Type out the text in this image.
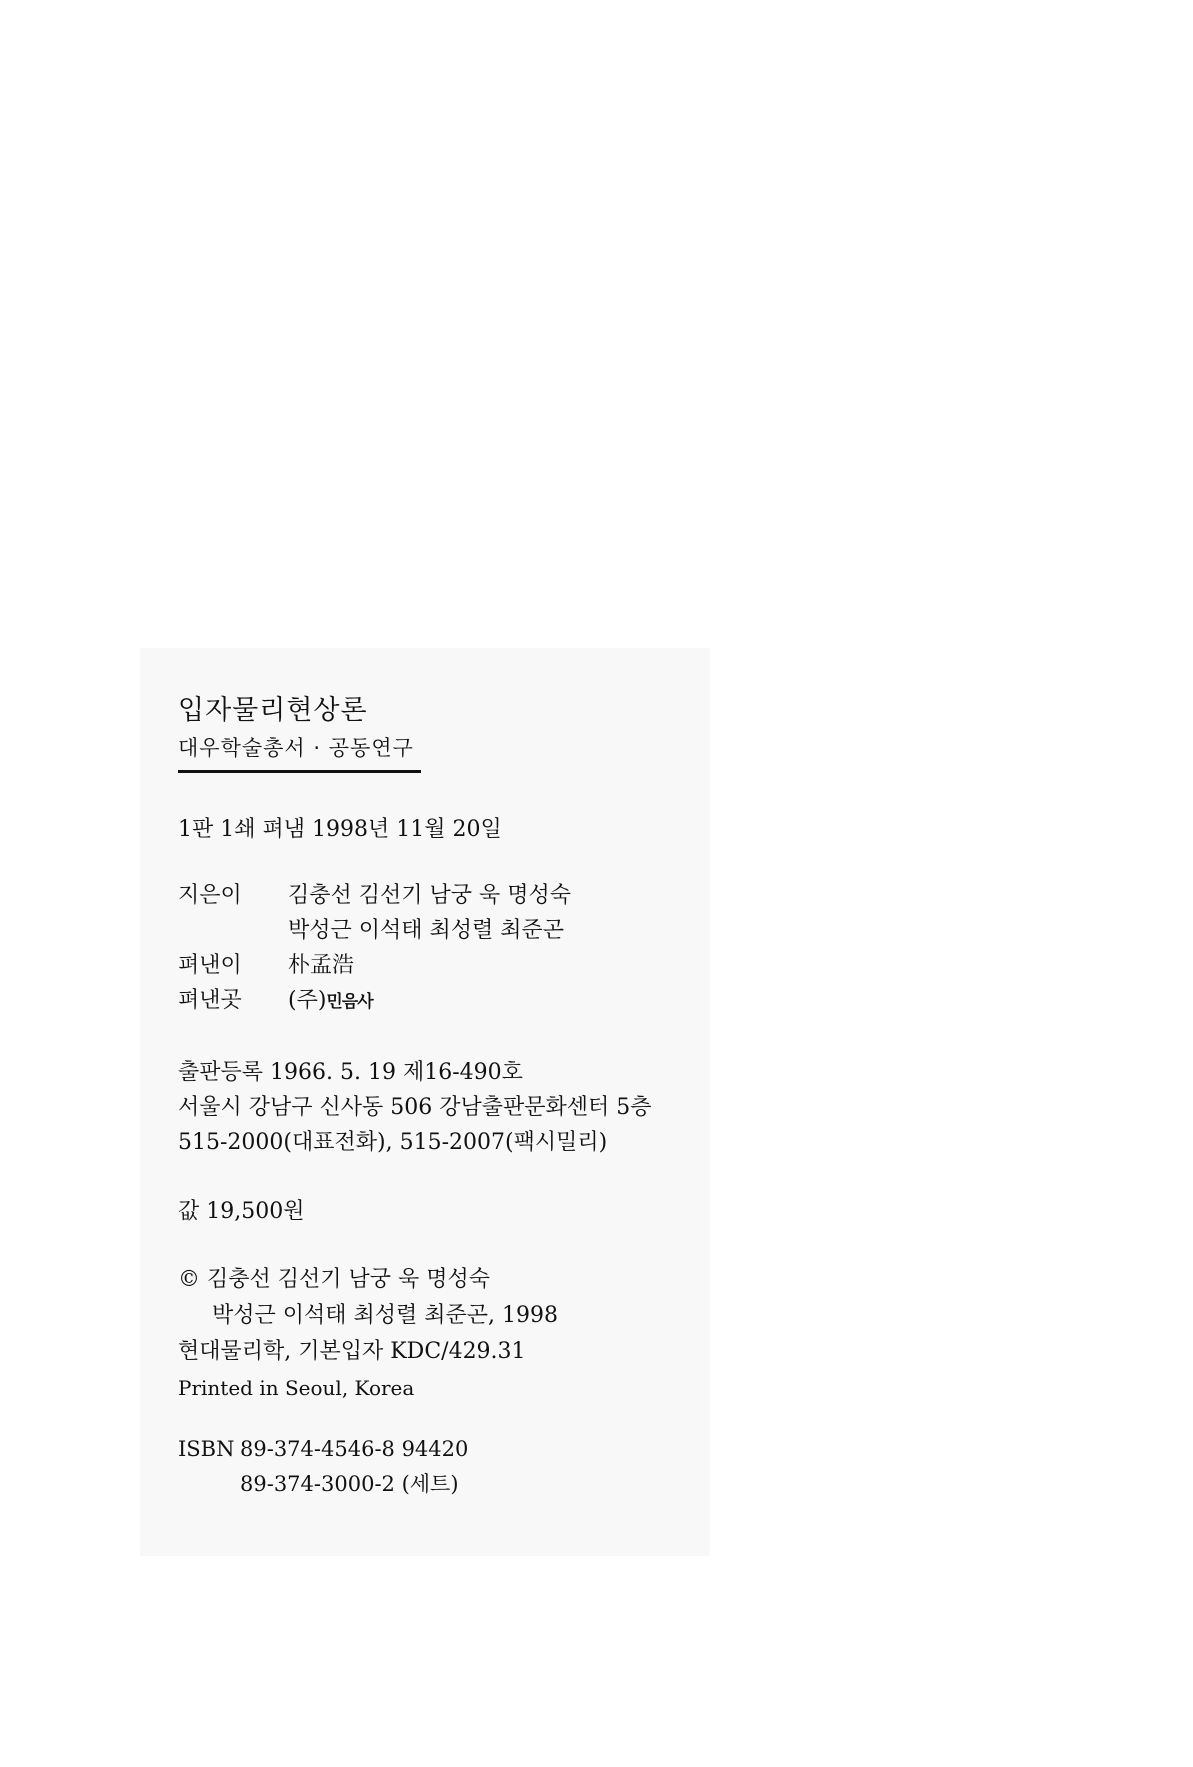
입자물리현상론

대우학술총서 · 공동연구

1판 1쇄 펴냄 1998년 11월 20일

지은이	김충선 김선기 남궁 욱 명성숙
박성근 이석태 최성렬 최준곤
펴낸이	朴孟浩
펴낸곳	(주)민음사
출판등록 1966. 5. 19 제16-490호
서울시 강남구 신사동 506 강남출판문화센터 5층
515-2000(대표전화), 515-2007(팩시밀리)

값 19,500원

© 김충선 김선기 남궁 욱 명성숙
박성근 이석태 최성렬 최준곤, 1998
현대물리학, 기본입자 KDC/429.31
Printed in Seoul, Korea
ISBN 89-374-4546-8 94420
89-374-3000-2 (세트)
